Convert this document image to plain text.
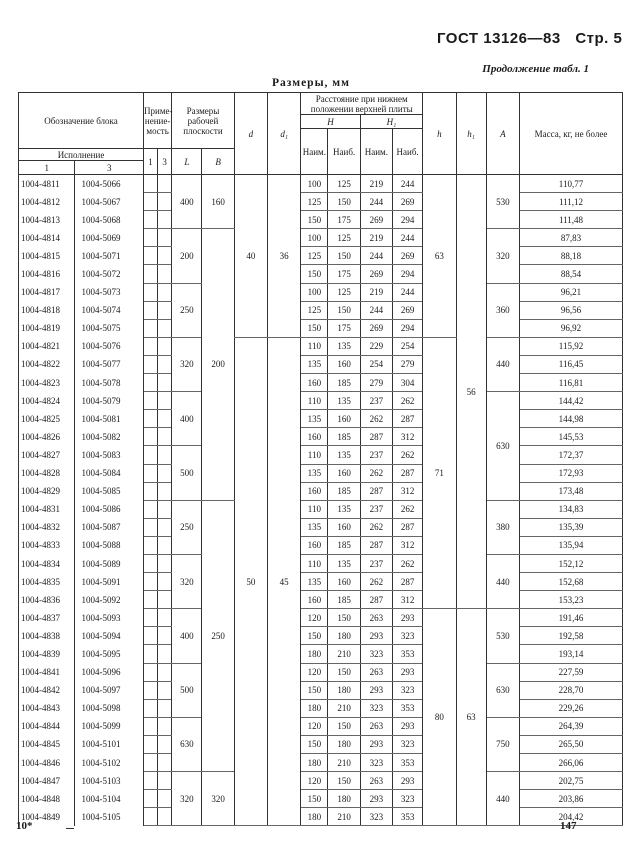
ГОСТ 13126—83 Стр. 5
Продолжение табл. 1
Размеры, мм
Обозначение блока		Приме-нение-мость		Размеры рабочей плоскости		d	d₁	Расстояние при нижнем положении верхней плиты				h	h₁	A	Масса, кг, не более
								H		H₁					
								Наим.	Наиб.	Наим.	Наиб.				
Исполнение		1	3	L	B										
1	3														
1004-4811	1004-5066			400	160	40	36	100	125	219	244	63	56	530	110,77
1004-4812	1004-5067							125	150	244	269				111,12
1004-4813	1004-5068							150	175	269	294				111,48
1004-4814	1004-5069			200	200			100	125	219	244			320	87,83
1004-4815	1004-5071							125	150	244	269				88,18
1004-4816	1004-5072							150	175	269	294				88,54
1004-4817	1004-5073			250				100	125	219	244			360	96,21
1004-4818	1004-5074							125	150	244	269				96,56
1004-4819	1004-5075							150	175	269	294				96,92
1004-4821	1004-5076			320		50	45	110	135	229	254	71		440	115,92
1004-4822	1004-5077							135	160	254	279				116,45
1004-4823	1004-5078							160	185	279	304				116,81
1004-4824	1004-5079			400				110	135	237	262			630	144,42
1004-4825	1004-5081							135	160	262	287				144,98
1004-4826	1004-5082							160	185	287	312				145,53
1004-4827	1004-5083			500				110	135	237	262				172,37
1004-4828	1004-5084							135	160	262	287				172,93
1004-4829	1004-5085							160	185	287	312				173,48
1004-4831	1004-5086			250	250			110	135	237	262			380	134,83
1004-4832	1004-5087							135	160	262	287				135,39
1004-4833	1004-5088							160	185	287	312				135,94
1004-4834	1004-5089			320				110	135	237	262			440	152,12
1004-4835	1004-5091							135	160	262	287				152,68
1004-4836	1004-5092							160	185	287	312				153,23
1004-4837	1004-5093			400				120	150	263	293	80	63	530	191,46
1004-4838	1004-5094							150	180	293	323				192,58
1004-4839	1004-5095							180	210	323	353				193,14
1004-4841	1004-5096			500				120	150	263	293			630	227,59
1004-4842	1004-5097							150	180	293	323				228,70
1004-4843	1004-5098							180	210	323	353				229,26
1004-4844	1004-5099			630				120	150	263	293			750	264,39
1004-4845	1004-5101							150	180	293	323				265,50
1004-4846	1004-5102							180	210	323	353				266,06
1004-4847	1004-5103			320	320			120	150	263	293			440	202,75
1004-4848	1004-5104							150	180	293	323				203,86
1004-4849	1004-5105							180	210	323	353				204,42
10*	147
